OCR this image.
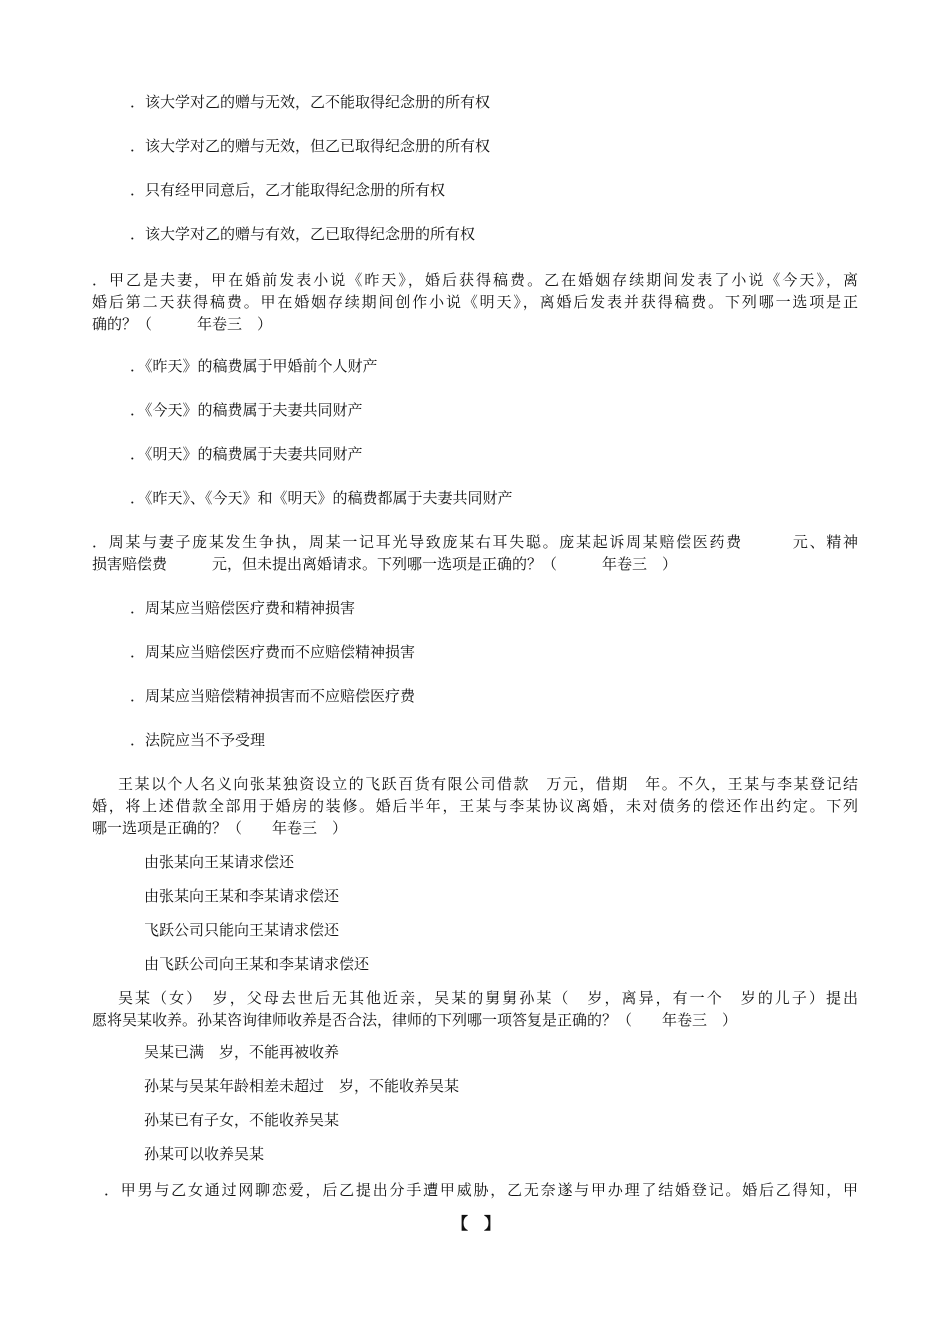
．该大学对乙的赠与无效，乙不能取得纪念册的所有权
．该大学对乙的赠与无效，但乙已取得纪念册的所有权
．只有经甲同意后，乙才能取得纪念册的所有权
．该大学对乙的赠与有效，乙已取得纪念册的所有权
．甲乙是夫妻，甲在婚前发表小说《昨天》，婚后获得稿费。乙在婚姻存续期间发表了小说《今天》，离
婚后第二天获得稿费。甲在婚姻存续期间创作小说《明天》，离婚后发表并获得稿费。下列哪一选项是正
确的？（　　　年卷三　）
．《昨天》的稿费属于甲婚前个人财产
．《今天》的稿费属于夫妻共同财产
．《明天》的稿费属于夫妻共同财产
．《昨天》、《今天》和《明天》的稿费都属于夫妻共同财产
．周某与妻子庞某发生争执，周某一记耳光导致庞某右耳失聪。庞某起诉周某赔偿医药费　　　元、精神
损害赔偿费　　　元，但未提出离婚请求。下列哪一选项是正确的？（　　　年卷三　）
．周某应当赔偿医疗费和精神损害
．周某应当赔偿医疗费而不应赔偿精神损害
．周某应当赔偿精神损害而不应赔偿医疗费
．法院应当不予受理
王某以个人名义向张某独资设立的飞跃百货有限公司借款　万元，借期　年。不久，王某与李某登记结
婚，将上述借款全部用于婚房的装修。婚后半年，王某与李某协议离婚，未对债务的偿还作出约定。下列
哪一选项是正确的？（　　年卷三　）
由张某向王某请求偿还
由张某向王某和李某请求偿还
飞跃公司只能向王某请求偿还
由飞跃公司向王某和李某请求偿还
吴某（女）　岁，父母去世后无其他近亲，吴某的舅舅孙某（　岁，离异，有一个　岁的儿子）提出
愿将吴某收养。孙某咨询律师收养是否合法，律师的下列哪一项答复是正确的？（　　年卷三　）
吴某已满　岁，不能再被收养
孙某与吴某年龄相差未超过　岁，不能收养吴某
孙某已有子女，不能收养吴某
孙某可以收养吴某
．甲男与乙女通过网聊恋爱，后乙提出分手遭甲威胁，乙无奈遂与甲办理了结婚登记。婚后乙得知，甲
【　】
